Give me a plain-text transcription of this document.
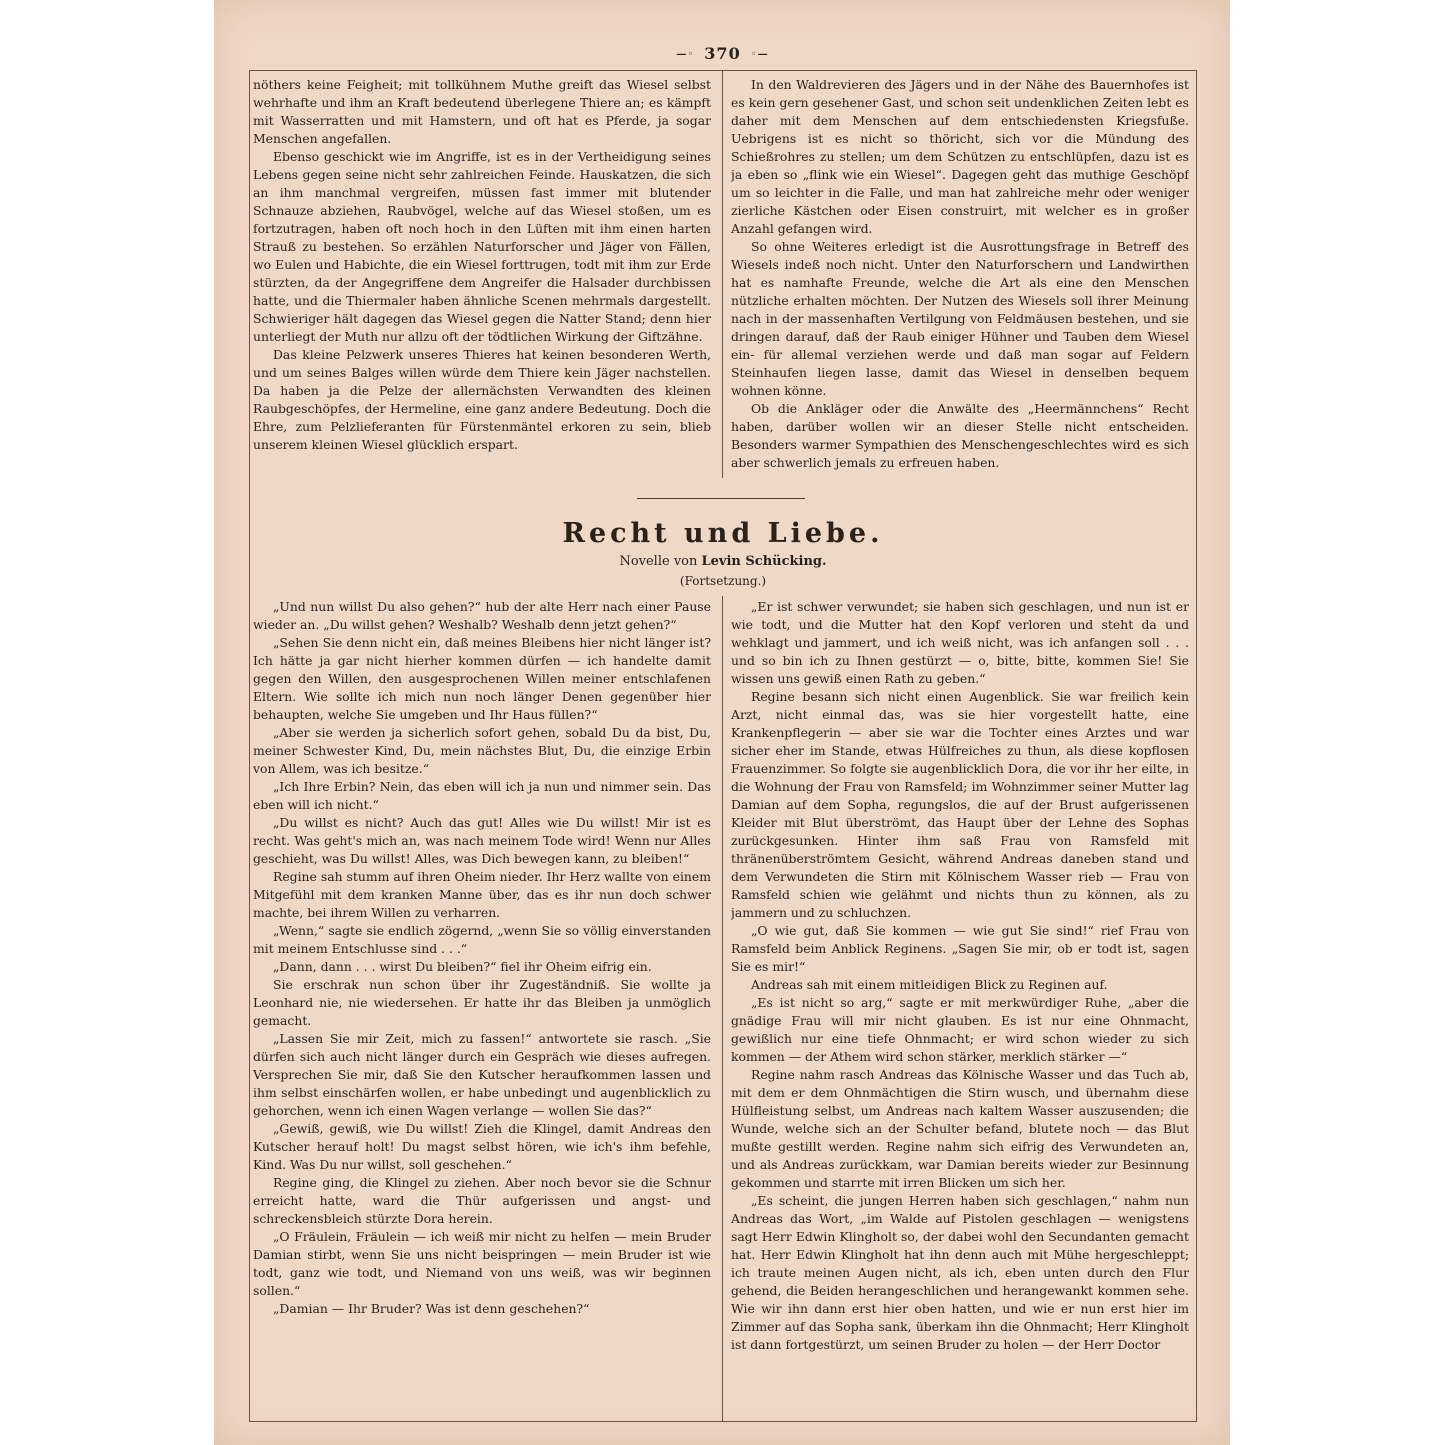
—◦ 370 ◦—

nöthers keine Feigheit; mit tollkühnem Muthe greift das Wiesel selbst wehrhafte und ihm an Kraft bedeutend überlegene Thiere an; es kämpft mit Wasserratten und mit Hamstern, und oft hat es Pferde, ja sogar Menschen angefallen.

Ebenso geschickt wie im Angriffe, ist es in der Vertheidigung seines Lebens gegen seine nicht sehr zahlreichen Feinde. Hauskatzen, die sich an ihm manchmal vergreifen, müssen fast immer mit blutender Schnauze abziehen, Raubvögel, welche auf das Wiesel stoßen, um es fortzutragen, haben oft noch hoch in den Lüften mit ihm einen harten Strauß zu bestehen. So erzählen Naturforscher und Jäger von Fällen, wo Eulen und Habichte, die ein Wiesel forttrugen, todt mit ihm zur Erde stürzten, da der Angegriffene dem Angreifer die Halsader durchbissen hatte, und die Thiermaler haben ähnliche Scenen mehrmals dargestellt. Schwieriger hält dagegen das Wiesel gegen die Natter Stand; denn hier unterliegt der Muth nur allzu oft der tödtlichen Wirkung der Giftzähne.

Das kleine Pelzwerk unseres Thieres hat keinen besonderen Werth, und um seines Balges willen würde dem Thiere kein Jäger nachstellen. Da haben ja die Pelze der allernächsten Verwandten des kleinen Raubgeschöpfes, der Hermeline, eine ganz andere Bedeutung. Doch die Ehre, zum Pelzlieferanten für Fürstenmäntel erkoren zu sein, blieb unserem kleinen Wiesel glücklich erspart.

In den Waldrevieren des Jägers und in der Nähe des Bauernhofes ist es kein gern gesehener Gast, und schon seit undenklichen Zeiten lebt es daher mit dem Menschen auf dem entschiedensten Kriegsfuße. Uebrigens ist es nicht so thöricht, sich vor die Mündung des Schießrohres zu stellen; um dem Schützen zu entschlüpfen, dazu ist es ja eben so „flink wie ein Wiesel“. Dagegen geht das muthige Geschöpf um so leichter in die Falle, und man hat zahlreiche mehr oder weniger zierliche Kästchen oder Eisen construirt, mit welcher es in großer Anzahl gefangen wird.

So ohne Weiteres erledigt ist die Ausrottungsfrage in Betreff des Wiesels indeß noch nicht. Unter den Naturforschern und Landwirthen hat es namhafte Freunde, welche die Art als eine den Menschen nützliche erhalten möchten. Der Nutzen des Wiesels soll ihrer Meinung nach in der massenhaften Vertilgung von Feldmäusen bestehen, und sie dringen darauf, daß der Raub einiger Hühner und Tauben dem Wiesel ein- für allemal verziehen werde und daß man sogar auf Feldern Steinhaufen liegen lasse, damit das Wiesel in denselben bequem wohnen könne.

Ob die Ankläger oder die Anwälte des „Heermännchens“ Recht haben, darüber wollen wir an dieser Stelle nicht entscheiden. Besonders warmer Sympathien des Menschengeschlechtes wird es sich aber schwerlich jemals zu erfreuen haben.

Recht und Liebe.
Novelle von Levin Schücking.
(Fortsetzung.)

„Und nun willst Du also gehen?“ hub der alte Herr nach einer Pause wieder an. „Du willst gehen? Weshalb? Weshalb denn jetzt gehen?“

„Sehen Sie denn nicht ein, daß meines Bleibens hier nicht länger ist? Ich hätte ja gar nicht hierher kommen dürfen — ich handelte damit gegen den Willen, den ausgesprochenen Willen meiner entschlafenen Eltern. Wie sollte ich mich nun noch länger Denen gegenüber hier behaupten, welche Sie umgeben und Ihr Haus füllen?“

„Aber sie werden ja sicherlich sofort gehen, sobald Du da bist, Du, meiner Schwester Kind, Du, mein nächstes Blut, Du, die einzige Erbin von Allem, was ich besitze.“

„Ich Ihre Erbin? Nein, das eben will ich ja nun und nimmer sein. Das eben will ich nicht.“

„Du willst es nicht? Auch das gut! Alles wie Du willst! Mir ist es recht. Was geht's mich an, was nach meinem Tode wird! Wenn nur Alles geschieht, was Du willst! Alles, was Dich bewegen kann, zu bleiben!“

Regine sah stumm auf ihren Oheim nieder. Ihr Herz wallte von einem Mitgefühl mit dem kranken Manne über, das es ihr nun doch schwer machte, bei ihrem Willen zu verharren.

„Wenn,“ sagte sie endlich zögernd, „wenn Sie so völlig einverstanden mit meinem Entschlusse sind . . .“

„Dann, dann . . . wirst Du bleiben?“ fiel ihr Oheim eifrig ein.

Sie erschrak nun schon über ihr Zugeständniß. Sie wollte ja Leonhard nie, nie wiedersehen. Er hatte ihr das Bleiben ja unmöglich gemacht.

„Lassen Sie mir Zeit, mich zu fassen!“ antwortete sie rasch. „Sie dürfen sich auch nicht länger durch ein Gespräch wie dieses aufregen. Versprechen Sie mir, daß Sie den Kutscher heraufkommen lassen und ihm selbst einschärfen wollen, er habe unbedingt und augenblicklich zu gehorchen, wenn ich einen Wagen verlange — wollen Sie das?“

„Gewiß, gewiß, wie Du willst! Zieh die Klingel, damit Andreas den Kutscher herauf holt! Du magst selbst hören, wie ich's ihm befehle, Kind. Was Du nur willst, soll geschehen.“

Regine ging, die Klingel zu ziehen. Aber noch bevor sie die Schnur erreicht hatte, ward die Thür aufgerissen und angst- und schreckensbleich stürzte Dora herein.

„O Fräulein, Fräulein — ich weiß mir nicht zu helfen — mein Bruder Damian stirbt, wenn Sie uns nicht beispringen — mein Bruder ist wie todt, ganz wie todt, und Niemand von uns weiß, was wir beginnen sollen.“

„Damian — Ihr Bruder? Was ist denn geschehen?“

„Er ist schwer verwundet; sie haben sich geschlagen, und nun ist er wie todt, und die Mutter hat den Kopf verloren und steht da und wehklagt und jammert, und ich weiß nicht, was ich anfangen soll . . . und so bin ich zu Ihnen gestürzt — o, bitte, bitte, kommen Sie! Sie wissen uns gewiß einen Rath zu geben.“

Regine besann sich nicht einen Augenblick. Sie war freilich kein Arzt, nicht einmal das, was sie hier vorgestellt hatte, eine Krankenpflegerin — aber sie war die Tochter eines Arztes und war sicher eher im Stande, etwas Hülfreiches zu thun, als diese kopflosen Frauenzimmer. So folgte sie augenblicklich Dora, die vor ihr her eilte, in die Wohnung der Frau von Ramsfeld; im Wohnzimmer seiner Mutter lag Damian auf dem Sopha, regungslos, die auf der Brust aufgerissenen Kleider mit Blut überströmt, das Haupt über der Lehne des Sophas zurückgesunken. Hinter ihm saß Frau von Ramsfeld mit thränenüberströmtem Gesicht, während Andreas daneben stand und dem Verwundeten die Stirn mit Kölnischem Wasser rieb — Frau von Ramsfeld schien wie gelähmt und nichts thun zu können, als zu jammern und zu schluchzen.

„O wie gut, daß Sie kommen — wie gut Sie sind!“ rief Frau von Ramsfeld beim Anblick Reginens. „Sagen Sie mir, ob er todt ist, sagen Sie es mir!“

Andreas sah mit einem mitleidigen Blick zu Reginen auf.

„Es ist nicht so arg,“ sagte er mit merkwürdiger Ruhe, „aber die gnädige Frau will mir nicht glauben. Es ist nur eine Ohnmacht, gewißlich nur eine tiefe Ohnmacht; er wird schon wieder zu sich kommen — der Athem wird schon stärker, merklich stärker —“

Regine nahm rasch Andreas das Kölnische Wasser und das Tuch ab, mit dem er dem Ohnmächtigen die Stirn wusch, und übernahm diese Hülfleistung selbst, um Andreas nach kaltem Wasser auszusenden; die Wunde, welche sich an der Schulter befand, blutete noch — das Blut mußte gestillt werden. Regine nahm sich eifrig des Verwundeten an, und als Andreas zurückkam, war Damian bereits wieder zur Besinnung gekommen und starrte mit irren Blicken um sich her.

„Es scheint, die jungen Herren haben sich geschlagen,“ nahm nun Andreas das Wort, „im Walde auf Pistolen geschlagen — wenigstens sagt Herr Edwin Klingholt so, der dabei wohl den Secundanten gemacht hat. Herr Edwin Klingholt hat ihn denn auch mit Mühe hergeschleppt; ich traute meinen Augen nicht, als ich, eben unten durch den Flur gehend, die Beiden herangeschlichen und herangewankt kommen sehe. Wie wir ihn dann erst hier oben hatten, und wie er nun erst hier im Zimmer auf das Sopha sank, überkam ihn die Ohnmacht; Herr Klingholt ist dann fortgestürzt, um seinen Bruder zu holen — der Herr Doctor
